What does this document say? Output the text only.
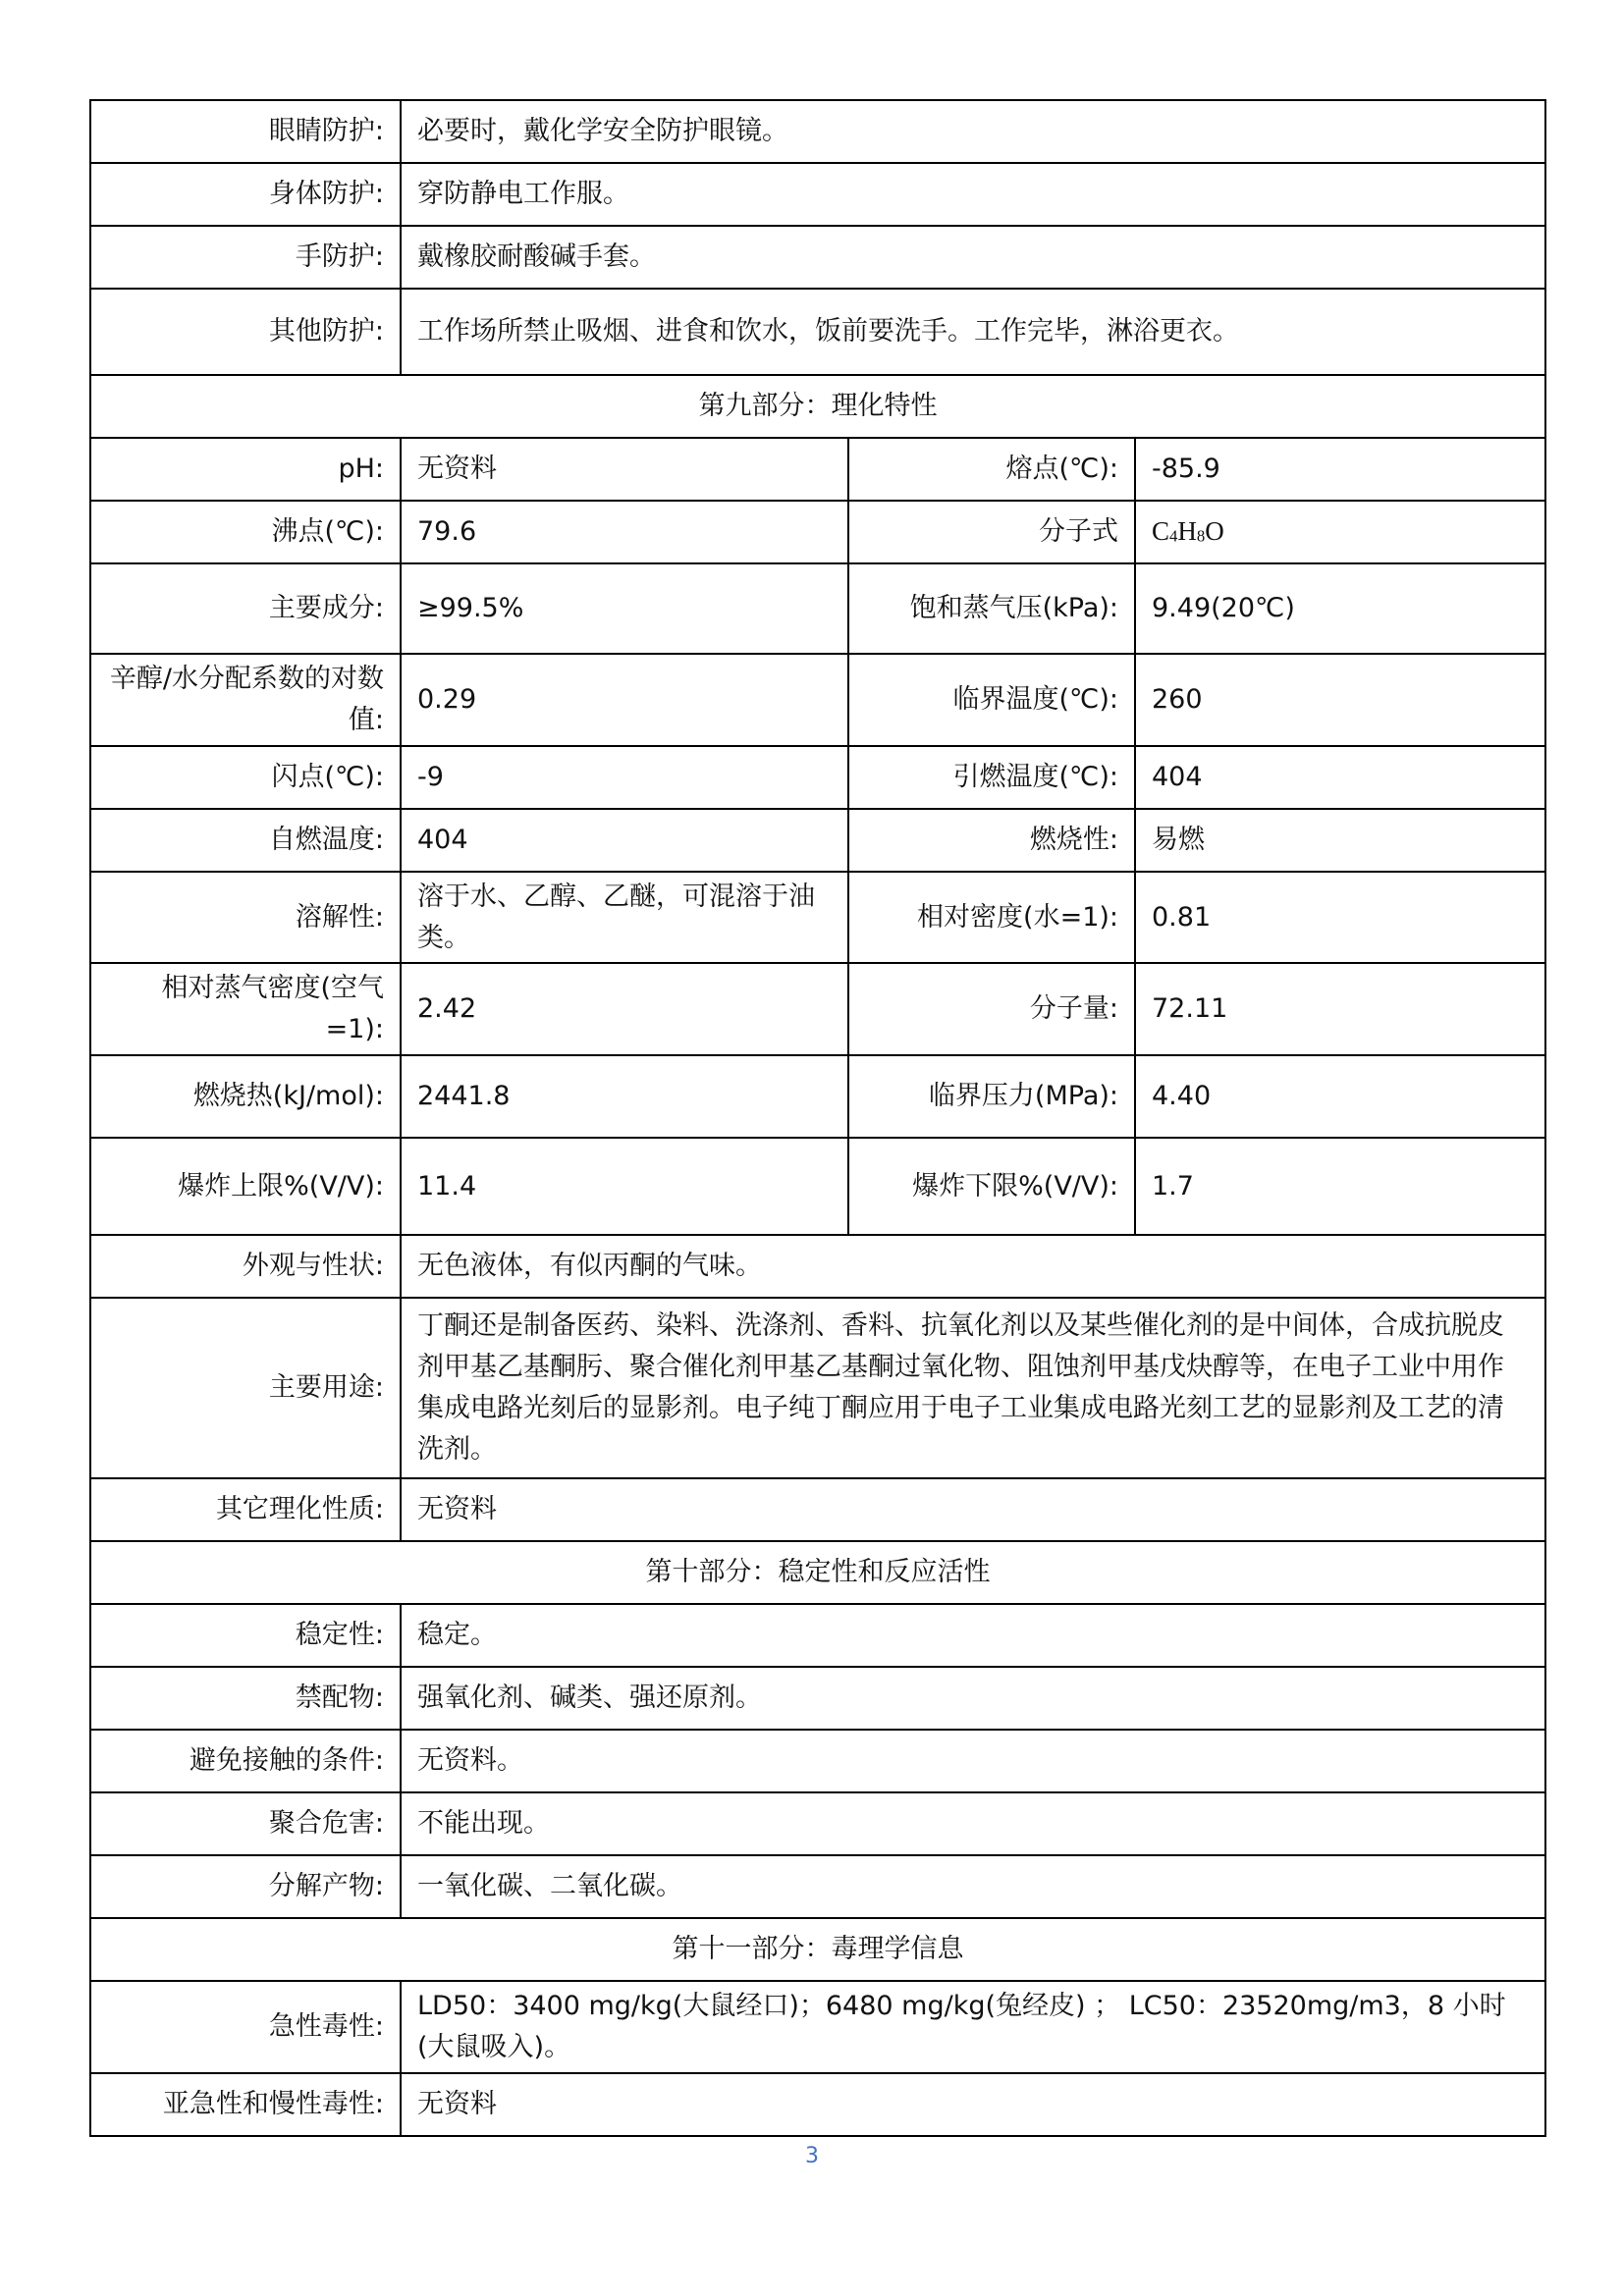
眼睛防护:	必要时，戴化学安全防护眼镜。		
身体防护:	穿防静电工作服。		
手防护:	戴橡胶耐酸碱手套。		
其他防护:	工作场所禁止吸烟、进食和饮水，饭前要洗手。工作完毕，淋浴更衣。		
第九部分：理化特性			
pH:	无资料	熔点(℃):	-85.9
沸点(℃):	79.6	分子式	$C_4H_8O$
主要成分:	≥99.5%	饱和蒸气压(kPa):	9.49(20℃)
辛醇/水分配系数的对数值:	0.29	临界温度(℃):	260
闪点(℃):	-9	引燃温度(℃):	404
自燃温度:	404	燃烧性:	易燃
溶解性:	溶于水、乙醇、乙醚，可混溶于油类。	相对密度(水=1):	0.81
相对蒸气密度(空气=1):	2.42	分子量:	72.11
燃烧热(kJ/mol):	2441.8	临界压力(MPa):	4.40
爆炸上限%(V/V):	11.4	爆炸下限%(V/V):	1.7
外观与性状:	无色液体，有似丙酮的气味。		
主要用途:	丁酮还是制备医药、染料、洗涤剂、香料、抗氧化剂以及某些催化剂的是中间体，合成抗脱皮剂甲基乙基酮肟、聚合催化剂甲基乙基酮过氧化物、阻蚀剂甲基戊炔醇等，在电子工业中用作集成电路光刻后的显影剂。电子纯丁酮应用于电子工业集成电路光刻工艺的显影剂及工艺的清洗剂。		
其它理化性质:	无资料		
第十部分：稳定性和反应活性			
稳定性:	稳定。		
禁配物:	强氧化剂、碱类、强还原剂。		
避免接触的条件:	无资料。		
聚合危害:	不能出现。		
分解产物:	一氧化碳、二氧化碳。		
第十一部分：毒理学信息			
急性毒性:	LD50：3400 mg/kg(大鼠经口)；6480 mg/kg(兔经皮) ； LC50：23520mg/m3，8 小时(大鼠吸入)。		
亚急性和慢性毒性:	无资料		
3
